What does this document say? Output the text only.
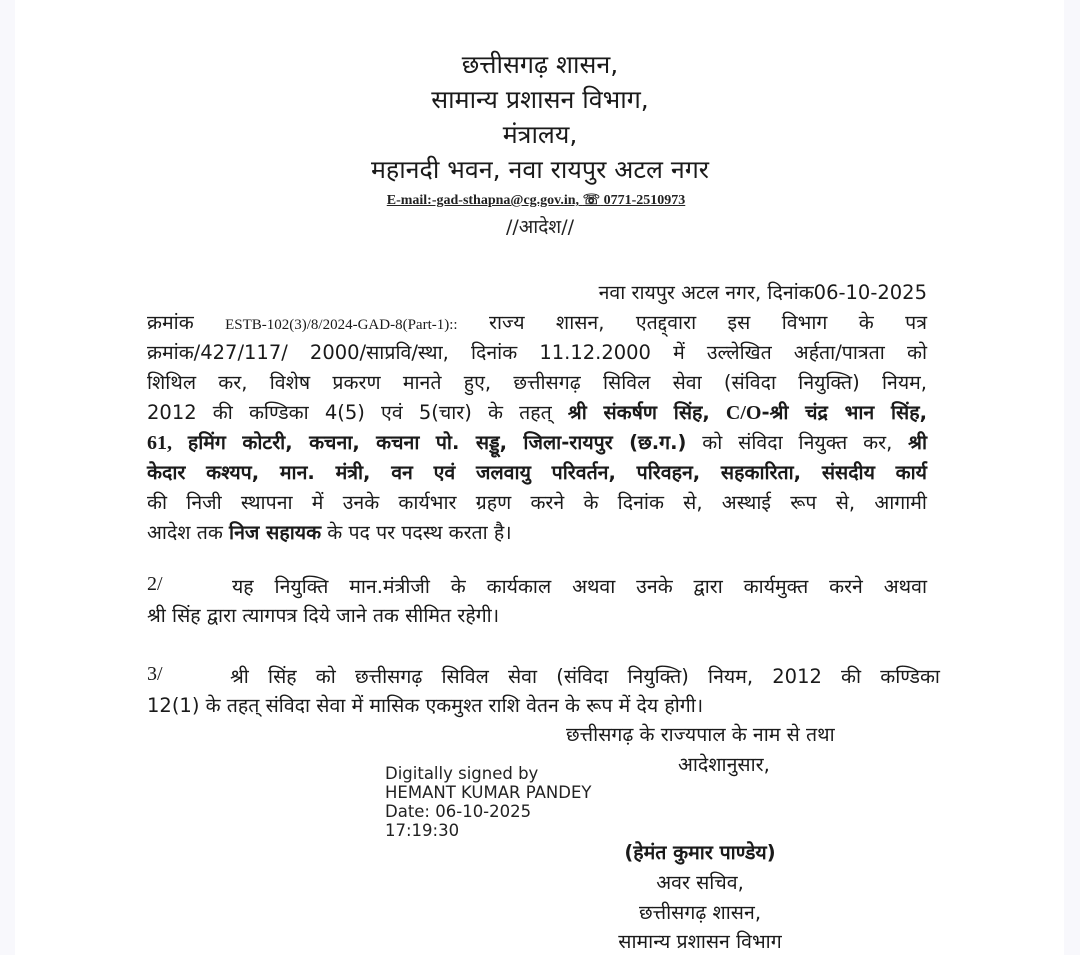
छत्तीसगढ़ शासन,
सामान्य प्रशासन विभाग,
मंत्रालय,
महानदी भवन, नवा रायपुर अटल नगर
E-mail:-gad-sthapna@cg.gov.in, ☏ 0771-2510973
//आदेश//
नवा रायपुर अटल नगर, दिनांक06-10-2025
क्रमांक ESTB-102(3)/8/2024-GAD-8(Part-1):: राज्य शासन, एतद्द्वारा इस विभाग के पत्र
क्रमांक/427/117/ 2000/साप्रवि/स्था, दिनांक 11.12.2000 में उल्लेखित अर्हता/पात्रता को
शिथिल कर, विशेष प्रकरण मानते हुए, छत्तीसगढ़ सिविल सेवा (संविदा नियुक्ति) नियम,
2012 की कण्डिका 4(5) एवं 5(चार) के तहत् श्री संकर्षण सिंह, C/O-श्री चंद्र भान सिंह,
61, हमिंग कोटरी, कचना, कचना पो. सड्डू, जिला-रायपुर (छ.ग.) को संविदा नियुक्त कर, श्री
केदार कश्यप, मान. मंत्री, वन एवं जलवायु परिवर्तन, परिवहन, सहकारिता, संसदीय कार्य
की निजी स्थापना में उनके कार्यभार ग्रहण करने के दिनांक से, अस्थाई रूप से, आगामी
आदेश तक निज सहायक के पद पर पदस्थ करता है।
2/	यह नियुक्ति मान.मंत्रीजी के कार्यकाल अथवा उनके द्वारा कार्यमुक्त करने अथवा
श्री सिंह द्वारा त्यागपत्र दिये जाने तक सीमित रहेगी।
3/	श्री सिंह को छत्तीसगढ़ सिविल सेवा (संविदा नियुक्ति) नियम, 2012 की कण्डिका
12(1) के तहत् संविदा सेवा में मासिक एकमुश्त राशि वेतन के रूप में देय होगी।
छत्तीसगढ़ के राज्यपाल के नाम से तथा
आदेशानुसार,
Digitally signed by
HEMANT KUMAR PANDEY
Date: 06-10-2025
17:19:30
(हेमंत कुमार पाण्डेय)
अवर सचिव,
छत्तीसगढ़ शासन,
सामान्य प्रशासन विभाग
